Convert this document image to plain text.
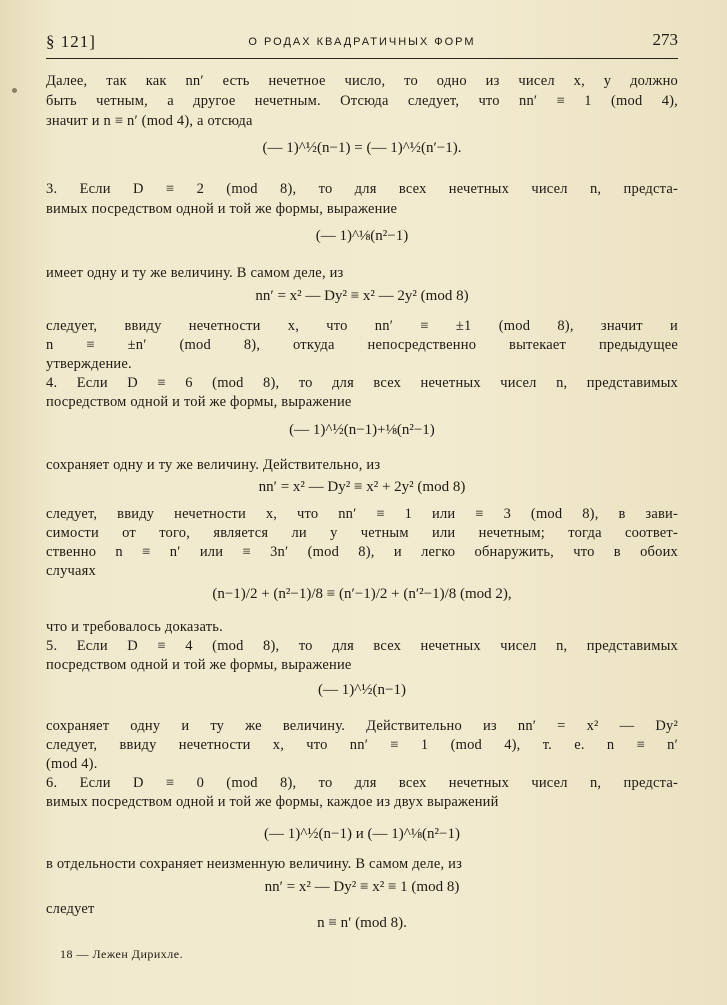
§ 121]	О РОДАХ КВАДРАТИЧНЫХ ФОРМ	273
Далее, так как nn′ есть нечетное число, то одно из чисел x, y должно
быть четным, а другое нечетным. Отсюда следует, что nn′ ≡ 1 (mod 4),
значит и n ≡ n′ (mod 4), а отсюда
(— 1)^½(n−1) = (— 1)^½(n′−1).
3. Если D ≡ 2 (mod 8), то для всех нечетных чисел n, предста-
вимых посредством одной и той же формы, выражение
(— 1)^⅛(n²−1)
имеет одну и ту же величину. В самом деле, из
nn′ = x² — Dy² ≡ x² — 2y² (mod 8)
следует, ввиду нечетности x, что nn′ ≡ ±1 (mod 8), значит и
n ≡ ±n′ (mod 8), откуда непосредственно вытекает предыдущее
утверждение.
4. Если D ≡ 6 (mod 8), то для всех нечетных чисел n, представимых
посредством одной и той же формы, выражение
(— 1)^½(n−1)+⅛(n²−1)
сохраняет одну и ту же величину. Действительно, из
nn′ = x² — Dy² ≡ x² + 2y² (mod 8)
следует, ввиду нечетности x, что nn′ ≡ 1 или ≡ 3 (mod 8), в зави-
симости от того, является ли y четным или нечетным; тогда соответ-
ственно n ≡ n′ или ≡ 3n′ (mod 8), и легко обнаружить, что в обоих
случаях
(n−1)/2 + (n²−1)/8 ≡ (n′−1)/2 + (n′²−1)/8 (mod 2),
что и требовалось доказать.
5. Если D ≡ 4 (mod 8), то для всех нечетных чисел n, представимых
посредством одной и той же формы, выражение
(— 1)^½(n−1)
сохраняет одну и ту же величину. Действительно из nn′ = x² — Dy²
следует, ввиду нечетности x, что nn′ ≡ 1 (mod 4), т. е. n ≡ n′
(mod 4).
6. Если D ≡ 0 (mod 8), то для всех нечетных чисел n, предста-
вимых посредством одной и той же формы, каждое из двух выражений
(— 1)^½(n−1) и (— 1)^⅛(n²−1)
в отдельности сохраняет неизменную величину. В самом деле, из
nn′ = x² — Dy² ≡ x² ≡ 1 (mod 8)
следует
n ≡ n′ (mod 8).
18 — Лежен Дирихле.
